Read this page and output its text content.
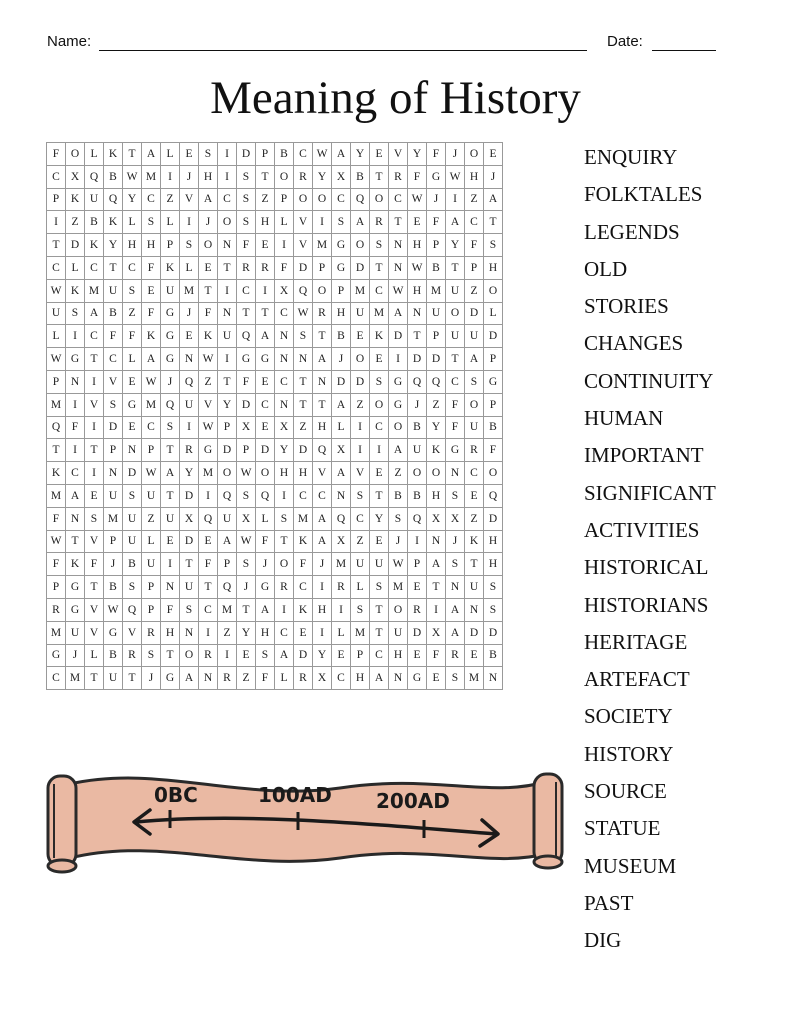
Name:	Date:
Meaning of History
F	O	L	K	T	A	L	E	S	I	D	P	B	C	W	A	Y	E	V	Y	F	J	O	E
C	X	Q	B	W	M	I	J	H	I	S	T	O	R	Y	X	B	T	R	F	G	W	H	J
P	K	U	Q	Y	C	Z	V	A	C	S	Z	P	O	O	C	Q	O	C	W	J	I	Z	A
I	Z	B	K	L	S	L	I	J	O	S	H	L	V	I	S	A	R	T	E	F	A	C	T
T	D	K	Y	H	H	P	S	O	N	F	E	I	V	M	G	O	S	N	H	P	Y	F	S
C	L	C	T	C	F	K	L	E	T	R	R	F	D	P	G	D	T	N	W	B	T	P	H
W	K	M	U	S	E	U	M	T	I	C	I	X	Q	O	P	M	C	W	H	M	U	Z	O
U	S	A	B	Z	F	G	J	F	N	T	T	C	W	R	H	U	M	A	N	U	O	D	L
L	I	C	F	F	K	G	E	K	U	Q	A	N	S	T	B	E	K	D	T	P	U	U	D
W	G	T	C	L	A	G	N	W	I	G	G	N	N	A	J	O	E	I	D	D	T	A	P
P	N	I	V	E	W	J	Q	Z	T	F	E	C	T	N	D	D	S	G	Q	Q	C	S	G
M	I	V	S	G	M	Q	U	V	Y	D	C	N	T	T	A	Z	O	G	J	Z	F	O	P
Q	F	I	D	E	C	S	I	W	P	X	E	X	Z	H	L	I	C	O	B	Y	F	U	B
T	I	T	P	N	P	T	R	G	D	P	D	Y	D	Q	X	I	I	A	U	K	G	R	F
K	C	I	N	D	W	A	Y	M	O	W	O	H	H	V	A	V	E	Z	O	O	N	C	O
M	A	E	U	S	U	T	D	I	Q	S	Q	I	C	C	N	S	T	B	B	H	S	E	Q
F	N	S	M	U	Z	U	X	Q	U	X	L	S	M	A	Q	C	Y	S	Q	X	X	Z	D
W	T	V	P	U	L	E	D	E	A	W	F	T	K	A	X	Z	E	J	I	N	J	K	H
F	K	F	J	B	U	I	T	F	P	S	J	O	F	J	M	U	U	W	P	A	S	T	H
P	G	T	B	S	P	N	U	T	Q	J	G	R	C	I	R	L	S	M	E	T	N	U	S
R	G	V	W	Q	P	F	S	C	M	T	A	I	K	H	I	S	T	O	R	I	A	N	S
M	U	V	G	V	R	H	N	I	Z	Y	H	C	E	I	L	M	T	U	D	X	A	D	D
G	J	L	B	R	S	T	O	R	I	E	S	A	D	Y	E	P	C	H	E	F	R	E	B
C	M	T	U	T	J	G	A	N	R	Z	F	L	R	X	C	H	A	N	G	E	S	M	N
ENQUIRY
FOLKTALES
LEGENDS
OLD
STORIES
CHANGES
CONTINUITY
HUMAN
IMPORTANT
SIGNIFICANT
ACTIVITIES
HISTORICAL
HISTORIANS
HERITAGE
ARTEFACT
SOCIETY
HISTORY
SOURCE
STATUE
MUSEUM
PAST
DIG
0BC	100AD 200AD
